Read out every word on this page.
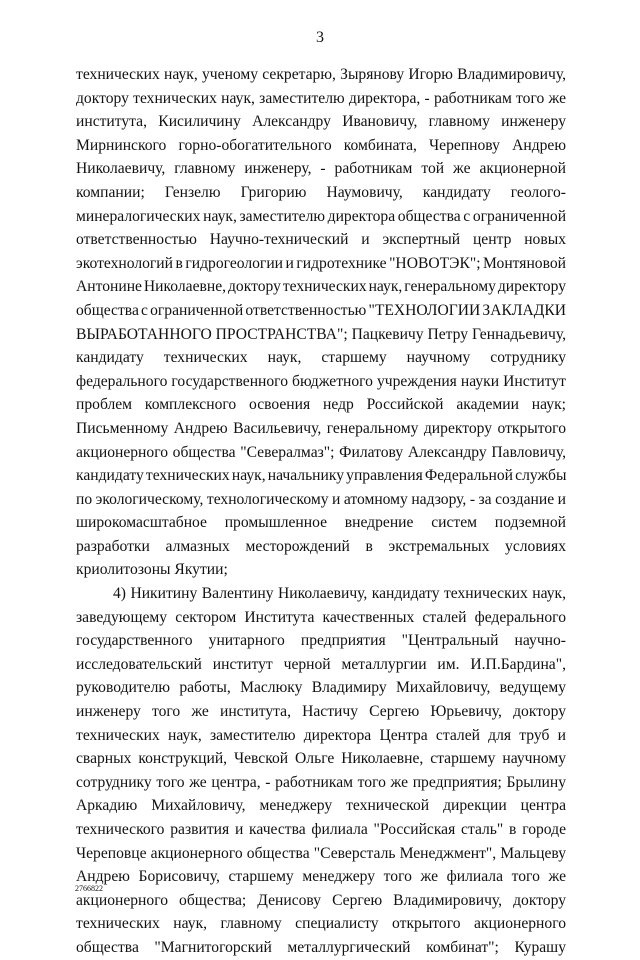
3
технических наук, ученому секретарю, Зырянову Игорю Владимировичу,
доктору технических наук, заместителю директора, - работникам того же
института, Кисиличину Александру Ивановичу, главному инженеру
Мирнинского горно-обогатительного комбината, Черепнову Андрею
Николаевичу, главному инженеру, - работникам той же акционерной
компании; Гензелю Григорию Наумовичу, кандидату геолого-
минералогических наук, заместителю директора общества с ограниченной
ответственностью Научно-технический и экспертный центр новых
экотехнологий в гидрогеологии и гидротехнике "НОВОТЭК"; Монтяновой
Антонине Николаевне, доктору технических наук, генеральному директору
общества с ограниченной ответственностью "ТЕХНОЛОГИИ ЗАКЛАДКИ
ВЫРАБОТАННОГО ПРОСТРАНСТВА"; Пацкевичу Петру Геннадьевичу,
кандидату технических наук, старшему научному сотруднику
федерального государственного бюджетного учреждения науки Институт
проблем комплексного освоения недр Российской академии наук;
Письменному Андрею Васильевичу, генеральному директору открытого
акционерного общества "Севералмаз"; Филатову Александру Павловичу,
кандидату технических наук, начальнику управления Федеральной службы
по экологическому, технологическому и атомному надзору, - за создание и
широкомасштабное промышленное внедрение систем подземной
разработки алмазных месторождений в экстремальных условиях
криолитозоны Якутии;
4) Никитину Валентину Николаевичу, кандидату технических наук,
заведующему сектором Института качественных сталей федерального
государственного унитарного предприятия "Центральный научно-
исследовательский институт черной металлургии им. И.П.Бардина",
руководителю работы, Маслюку Владимиру Михайловичу, ведущему
инженеру того же института, Настичу Сергею Юрьевичу, доктору
технических наук, заместителю директора Центра сталей для труб и
сварных конструкций, Чевской Ольге Николаевне, старшему научному
сотруднику того же центра, - работникам того же предприятия; Брылину
Аркадию Михайловичу, менеджеру технической дирекции центра
технического развития и качества филиала "Российская сталь" в городе
Череповце акционерного общества "Северсталь Менеджмент", Мальцеву
Андрею Борисовичу, старшему менеджеру того же филиала того же
акционерного общества; Денисову Сергею Владимировичу, доктору
технических наук, главному специалисту открытого акционерного
общества "Магнитогорский металлургический комбинат"; Курашу
2766822
